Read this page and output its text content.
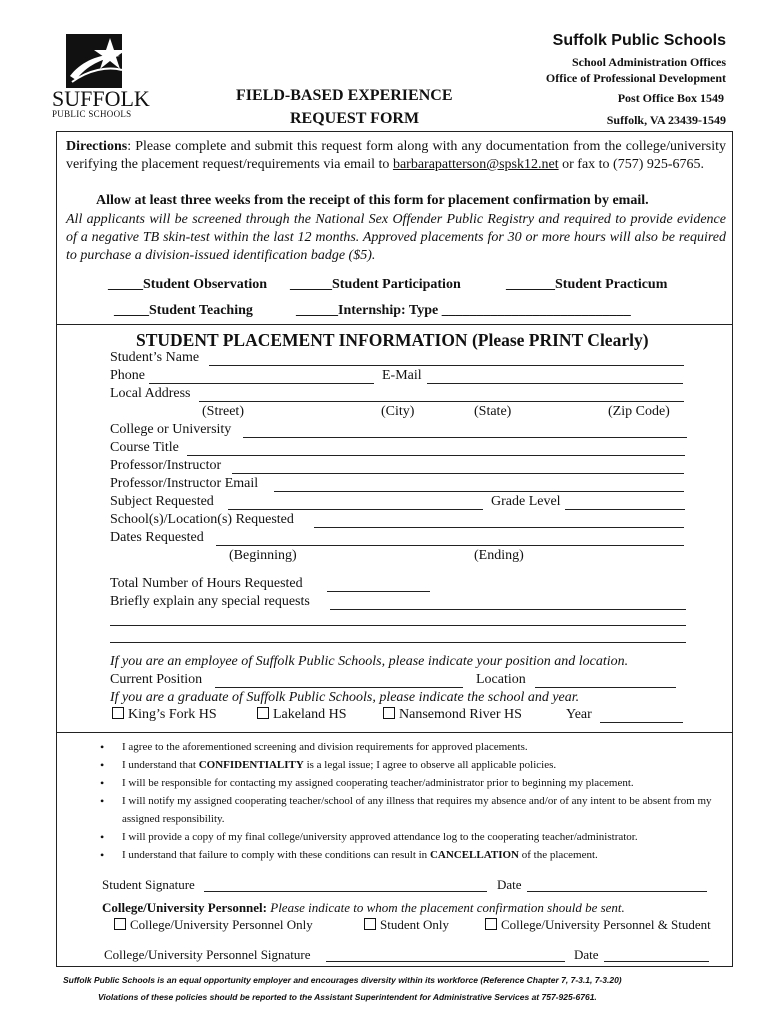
SUFFOLK
PUBLIC SCHOOLS
FIELD-BASED EXPERIENCE
REQUEST FORM
Suffolk Public Schools
School Administration Offices
Office of Professional Development
Post Office Box 1549
Suffolk, VA 23439-1549
Directions: Please complete and submit this request form along with any documentation from the college/university verifying the placement request/requirements via email to barbarapatterson@spsk12.net or fax to (757) 925-6765.
Allow at least three weeks from the receipt of this form for placement confirmation by email.
All applicants will be screened through the National Sex Offender Public Registry and required to provide evidence of a negative TB skin-test within the last 12 months. Approved placements for 30 or more hours will also be required to purchase a division-issued identification badge ($5).
_____Student Observation ______Student Participation	_______Student Practicum
_____Student Teaching	______Internship: Type ___________________________
STUDENT PLACEMENT INFORMATION (Please PRINT Clearly)
Student’s Name
Phone	E-Mail
Local Address
(Street)	(City)	(State)	(Zip Code)
College or University
Course Title
Professor/Instructor
Professor/Instructor Email
Subject Requested	Grade Level
School(s)/Location(s) Requested
Dates Requested
(Beginning)	(Ending)
Total Number of Hours Requested
Briefly explain any special requests
If you are an employee of Suffolk Public Schools, please indicate your position and location.
Current Position	Location
If you are a graduate of Suffolk Public Schools, please indicate the school and year.
King’s Fork HS	Lakeland HS	Nansemond River HS	Year
• I agree to the aforementioned screening and division requirements for approved placements.
• I understand that CONFIDENTIALITY is a legal issue; I agree to observe all applicable policies.
• I will be responsible for contacting my assigned cooperating teacher/administrator prior to beginning my placement.
• I will notify my assigned cooperating teacher/school of any illness that requires my absence and/or of any intent to be absent from my assigned responsibility.
• I will provide a copy of my final college/university approved attendance log to the cooperating teacher/administrator.
• I understand that failure to comply with these conditions can result in CANCELLATION of the placement.
Student Signature	Date
College/University Personnel: Please indicate to whom the placement confirmation should be sent.
College/University Personnel Only	Student Only	College/University Personnel & Student
College/University Personnel Signature	Date
Suffolk Public Schools is an equal opportunity employer and encourages diversity within its workforce (Reference Chapter 7, 7-3.1, 7-3.20)
Violations of these policies should be reported to the Assistant Superintendent for Administrative Services at 757-925-6761.
